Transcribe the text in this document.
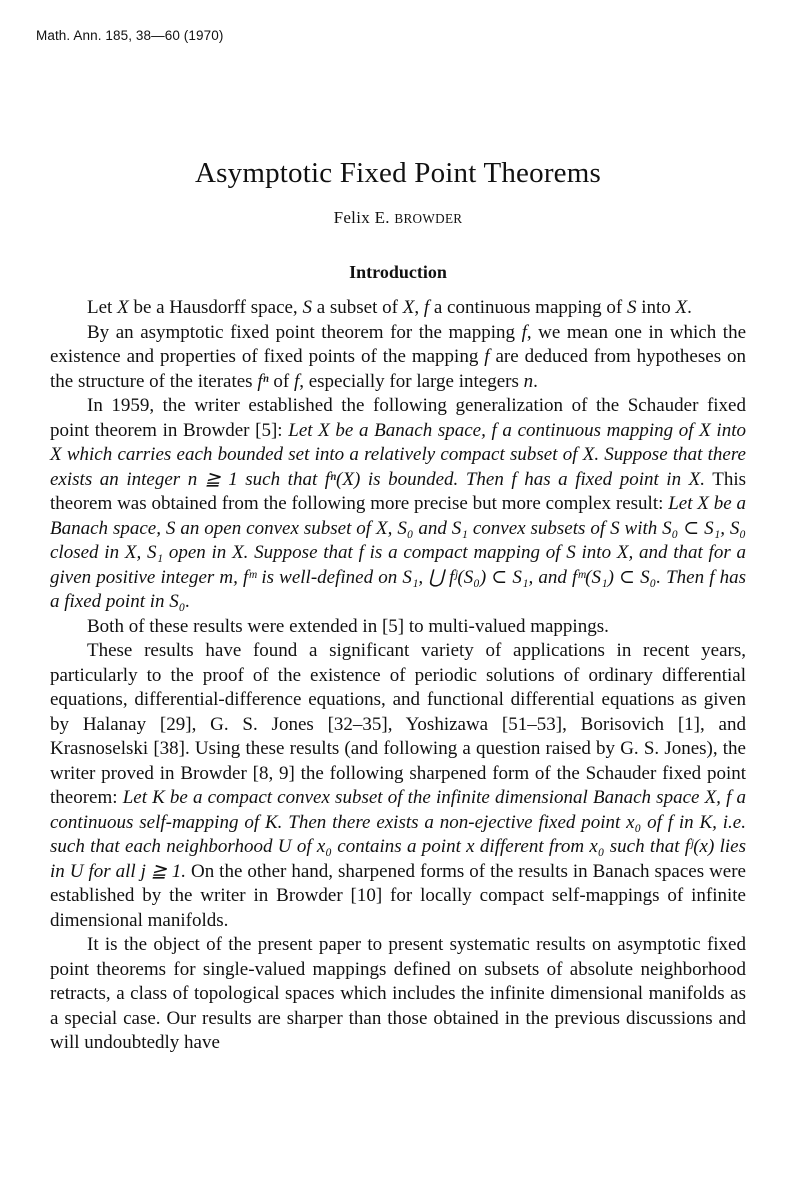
Math. Ann. 185, 38—60 (1970)
Asymptotic Fixed Point Theorems
Felix E. BROWDER
Introduction

Let X be a Hausdorff space, S a subset of X, f a continuous mapping of S into X.

By an asymptotic fixed point theorem for the mapping f, we mean one in which the existence and properties of fixed points of the mapping f are deduced from hypotheses on the structure of the iterates fⁿ of f, especially for large integers n.

In 1959, the writer established the following generalization of the Schauder fixed point theorem in Browder [5]: Let X be a Banach space, f a continuous mapping of X into X which carries each bounded set into a relatively compact subset of X. Suppose that there exists an integer n ≧ 1 such that fⁿ(X) is bounded. Then f has a fixed point in X. This theorem was obtained from the following more precise but more complex result: Let X be a Banach space, S an open convex subset of X, S₀ and S₁ convex subsets of S with S₀ ⊂ S₁, S₀ closed in X, S₁ open in X. Suppose that f is a compact mapping of S into X, and that for a given positive integer m, fᵐ is well-defined on S₁, ⋃ fʲ(S₀) ⊂ S₁, and fᵐ(S₁) ⊂ S₀. Then f has a fixed point in S₀.

Both of these results were extended in [5] to multi-valued mappings.

These results have found a significant variety of applications in recent years, particularly to the proof of the existence of periodic solutions of ordinary differential equations, differential-difference equations, and functional differential equations as given by Halanay [29], G. S. Jones [32–35], Yoshizawa [51–53], Borisovich [1], and Krasnoselski [38]. Using these results (and following a question raised by G. S. Jones), the writer proved in Browder [8, 9] the following sharpened form of the Schauder fixed point theorem: Let K be a compact convex subset of the infinite dimensional Banach space X, f a continuous self-mapping of K. Then there exists a non-ejective fixed point x₀ of f in K, i.e. such that each neighborhood U of x₀ contains a point x different from x₀ such that fʲ(x) lies in U for all j ≧ 1. On the other hand, sharpened forms of the results in Banach spaces were established by the writer in Browder [10] for locally compact self-mappings of infinite dimensional manifolds.

It is the object of the present paper to present systematic results on asymptotic fixed point theorems for single-valued mappings defined on subsets of absolute neighborhood retracts, a class of topological spaces which includes the infinite dimensional manifolds as a special case. Our results are sharper than those obtained in the previous discussions and will undoubtedly have
